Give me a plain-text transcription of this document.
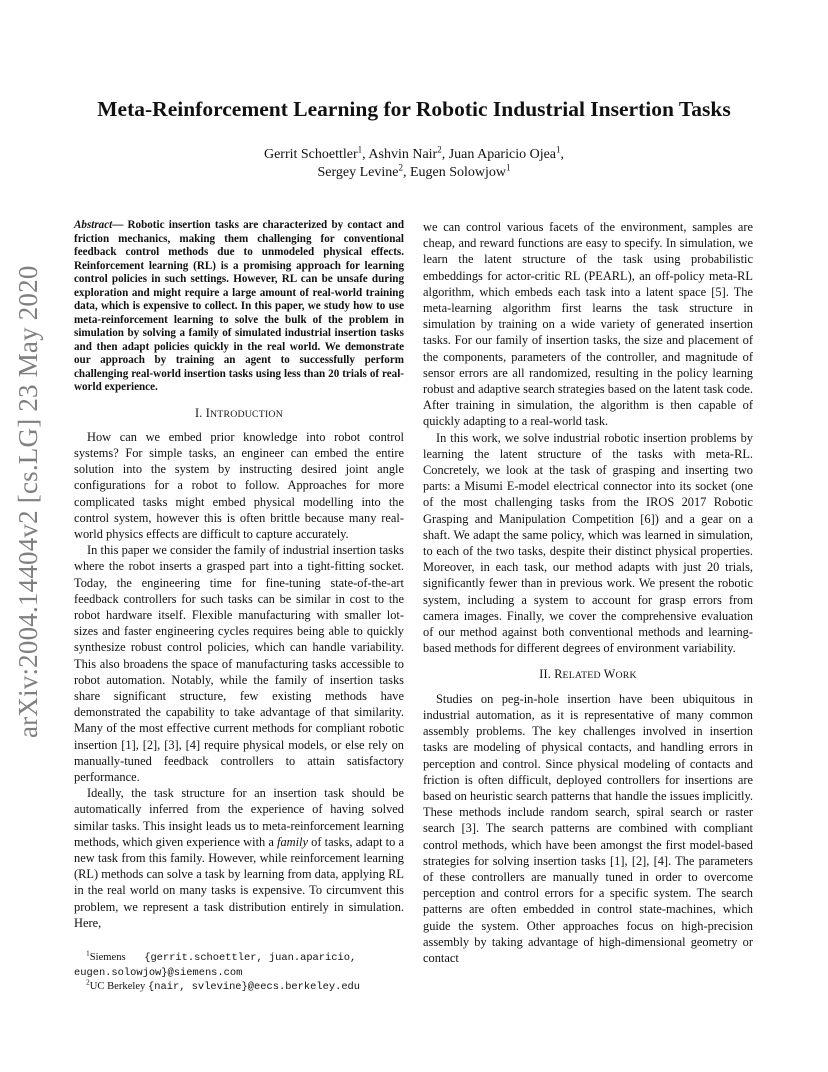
arXiv:2004.14404v2 [cs.LG] 23 May 2020
Meta-Reinforcement Learning for Robotic Industrial Insertion Tasks
Gerrit Schoettler$^1$, Ashvin Nair$^2$, Juan Aparicio Ojea$^1$,
Sergey Levine$^2$, Eugen Solowjow$^1$

Abstract— Robotic insertion tasks are characterized by contact and friction mechanics, making them challenging for conventional feedback control methods due to unmodeled physical effects. Reinforcement learning (RL) is a promising approach for learning control policies in such settings. However, RL can be unsafe during exploration and might require a large amount of real-world training data, which is expensive to collect. In this paper, we study how to use meta-reinforcement learning to solve the bulk of the problem in simulation by solving a family of simulated industrial insertion tasks and then adapt policies quickly in the real world. We demonstrate our approach by training an agent to successfully perform challenging real-world insertion tasks using less than 20 trials of real-world experience.

I. INTRODUCTION

How can we embed prior knowledge into robot control systems? For simple tasks, an engineer can embed the entire solution into the system by instructing desired joint angle configurations for a robot to follow. Approaches for more complicated tasks might embed physical modelling into the control system, however this is often brittle because many real-world physics effects are difficult to capture accurately.

In this paper we consider the family of industrial insertion tasks where the robot inserts a grasped part into a tight-fitting socket. Today, the engineering time for fine-tuning state-of-the-art feedback controllers for such tasks can be similar in cost to the robot hardware itself. Flexible manufacturing with smaller lot-sizes and faster engineering cycles requires being able to quickly synthesize robust control policies, which can handle variability. This also broadens the space of manufacturing tasks accessible to robot automation. Notably, while the family of insertion tasks share significant structure, few existing methods have demonstrated the capability to take advantage of that similarity. Many of the most effective current methods for compliant robotic insertion [1], [2], [3], [4] require physical models, or else rely on manually-tuned feedback controllers to attain satisfactory performance.

Ideally, the task structure for an insertion task should be automatically inferred from the experience of having solved similar tasks. This insight leads us to meta-reinforcement learning methods, which given experience with a family of tasks, adapt to a new task from this family. However, while reinforcement learning (RL) methods can solve a task by learning from data, applying RL in the real world on many tasks is expensive. To circumvent this problem, we represent a task distribution entirely in simulation. Here,

$^1$Siemens {gerrit.schoettler, juan.aparicio,
eugen.solowjow}@siemens.com
$^2$UC Berkeley {nair, svlevine}@eecs.berkeley.edu

we can control various facets of the environment, samples are cheap, and reward functions are easy to specify. In simulation, we learn the latent structure of the task using probabilistic embeddings for actor-critic RL (PEARL), an off-policy meta-RL algorithm, which embeds each task into a latent space [5]. The meta-learning algorithm first learns the task structure in simulation by training on a wide variety of generated insertion tasks. For our family of insertion tasks, the size and placement of the components, parameters of the controller, and magnitude of sensor errors are all randomized, resulting in the policy learning robust and adaptive search strategies based on the latent task code. After training in simulation, the algorithm is then capable of quickly adapting to a real-world task.

In this work, we solve industrial robotic insertion problems by learning the latent structure of the tasks with meta-RL. Concretely, we look at the task of grasping and inserting two parts: a Misumi E-model electrical connector into its socket (one of the most challenging tasks from the IROS 2017 Robotic Grasping and Manipulation Competition [6]) and a gear on a shaft. We adapt the same policy, which was learned in simulation, to each of the two tasks, despite their distinct physical properties. Moreover, in each task, our method adapts with just 20 trials, significantly fewer than in previous work. We present the robotic system, including a system to account for grasp errors from camera images. Finally, we cover the comprehensive evaluation of our method against both conventional methods and learning-based methods for different degrees of environment variability.

II. RELATED WORK

Studies on peg-in-hole insertion have been ubiquitous in industrial automation, as it is representative of many common assembly problems. The key challenges involved in insertion tasks are modeling of physical contacts, and handling errors in perception and control. Since physical modeling of contacts and friction is often difficult, deployed controllers for insertions are based on heuristic search patterns that handle the issues implicitly. These methods include random search, spiral search or raster search [3]. The search patterns are combined with compliant control methods, which have been amongst the first model-based strategies for solving insertion tasks [1], [2], [4]. The parameters of these controllers are manually tuned in order to overcome perception and control errors for a specific system. The search patterns are often embedded in control state-machines, which guide the system. Other approaches focus on high-precision assembly by taking advantage of high-dimensional geometry or contact
